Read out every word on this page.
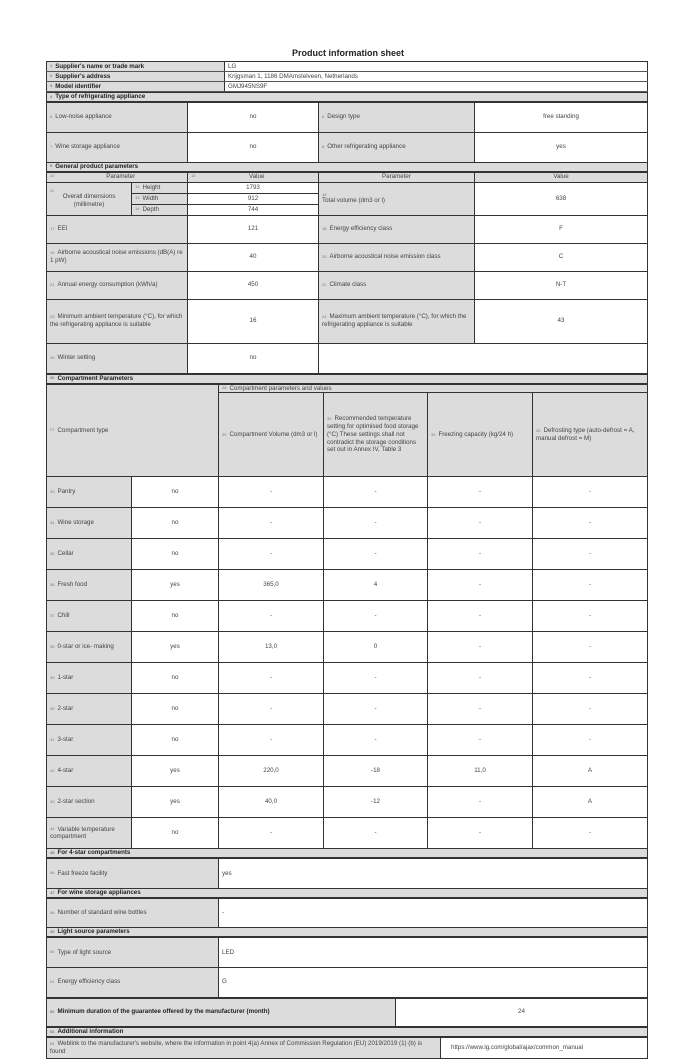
Product information sheet
1 Supplier's name or trade mark	LG
2 Supplier's address	Krijgsman 1, 1186 DMAmstelveen, Netherlands
3 Model identifier	GMJ945NS9F
4 Type of refrigerating appliance				
5 Low-noise appliance		no	6 Design type	free standing
7 Wine storage appliance		no	8 Other refrigerating appliance	yes
9 General product parameters				

10 Parameter		15 Value	Parameter	Value

11
Overall dimensions (millimetre)	12 Height	1793	16
Total volume (dm3 or l)	638
	13 Width	912		
	14 Depth	744		
17 EEI		121	18 Energy efficiency class	F
19 Airborne acoustical noise emissions (dB(A) re 1 pW)		40	20 Airborne acoustical noise emission class	C
21 Annual energy consumption (kWh/a)		450	22 Climate class	N-T
23 Minimum ambient temperature (°C), for which the refrigerating appliance is suitable		16	24 Maximum ambient temperature (°C), for which the refrigerating appliance is suitable	43
25 Winter setting		no		
26 Compartment Parameters					
27 Compartment type		28 Compartment parameters and values			
		29 Compartment Volume (dm3 or l)	30 Recommended temperature setting for optimised food storage (°C) These settings shall not contradict the storage conditions set out in Annex IV, Table 3	31 Freezing capacity (kg/24 h)	32 Defrosting type (auto-defrost = A, manual defrost = M)
33 Pantry	no	-	-	-	-
34 Wine storage	no	-	-	-	-
35 Cellar	no	-	-	-	-
36 Fresh food	yes	365,0	4	-	-
37 Chill	no	-	-	-	-
38 0-star or ice- making	yes	13,0	0	-	-
39 1-star	no	-	-	-	-
40 2-star	no	-	-	-	-
41 3-star	no	-	-	-	-
42 4-star	yes	220,0	-18	11,0	A
43 2-star section	yes	40,0	-12	-	A
44 Variable temperature compartment	no	-	-	-	-
45 For 4-star compartments					
46 Fast freeze facility		yes			
47 For wine storage appliances					
48 Number of standard wine bottles		-			
49 Light source parameters					
50 Type of light source		LED			
51 Energy efficiency class		G			
52 Minimum duration of the guarantee offered by the manufacturer (month)	24
53 Additional information
54 Weblink to the manufacturer's website, where the information in point 4(a) Annex of Commission Regulation (EU) 2019/2019 (1) (b) is found	https://www.lg.com/global/ajax/common_manual
